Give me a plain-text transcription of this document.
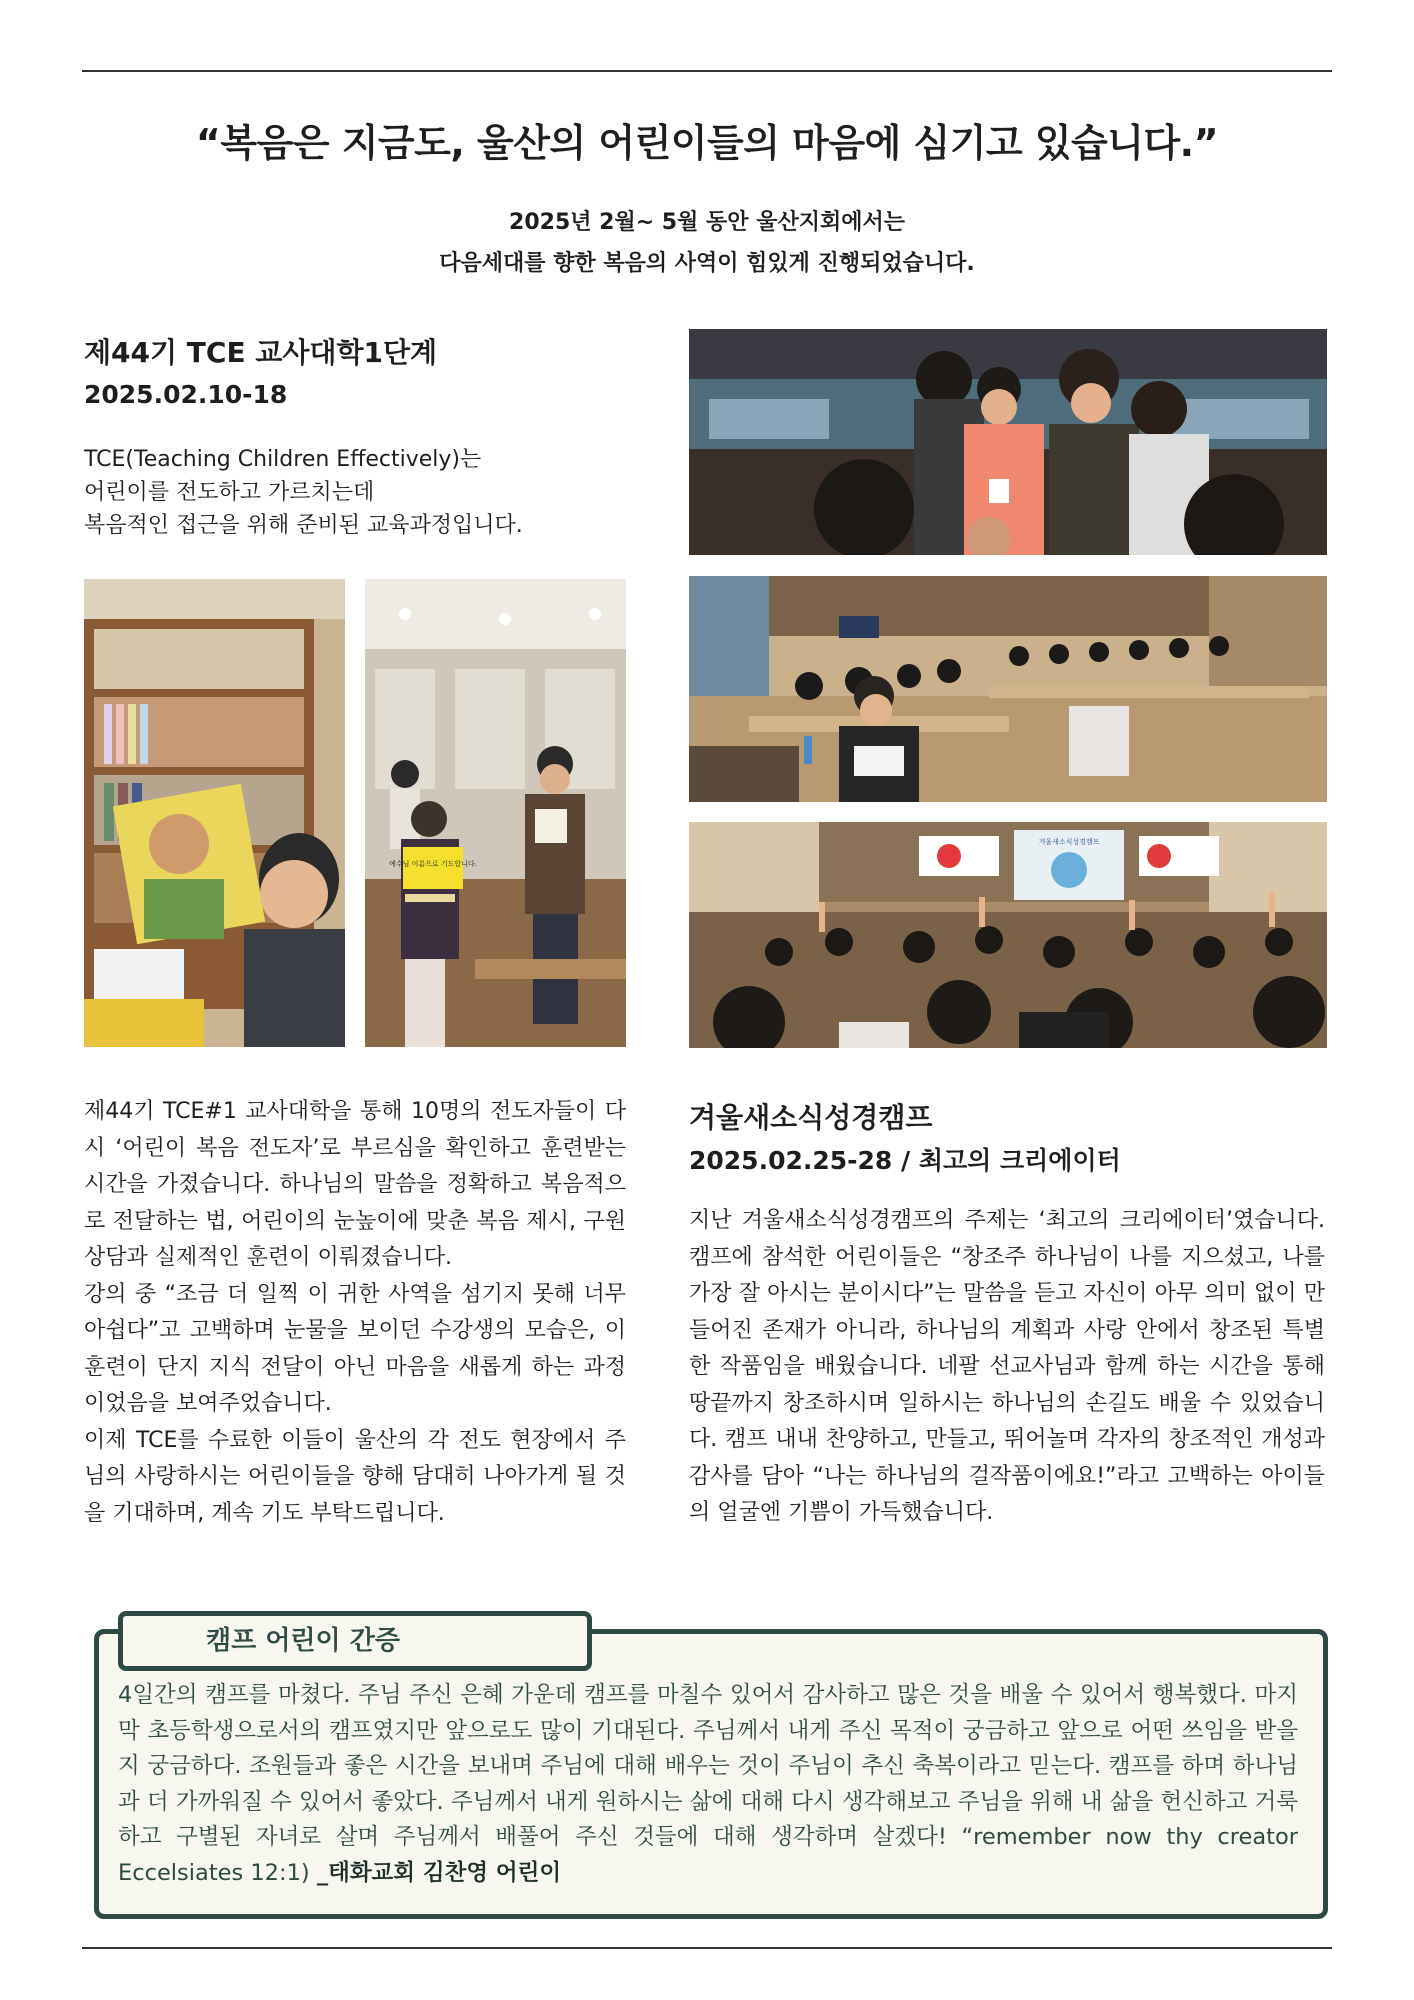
“복음은 지금도, 울산의 어린이들의 마음에 심기고 있습니다.”
2025년 2월~ 5월 동안 울산지회에서는
다음세대를 향한 복음의 사역이 힘있게 진행되었습니다.
제44기 TCE 교사대학1단계
2025.02.10-18
TCE(Teaching Children Effectively)는
어린이를 전도하고 가르치는데
복음적인 접근을 위해 준비된 교육과정입니다.
예수님 이름으로 기도합니다.
겨울새소식성경캠프

제44기 TCE#1 교사대학을 통해 10명의 전도자들이 다시 ‘어린이 복음 전도자’로 부르심을 확인하고 훈련받는 시간을 가졌습니다. 하나님의 말씀을 정확하고 복음적으로 전달하는 법, 어린이의 눈높이에 맞춘 복음 제시, 구원상담과 실제적인 훈련이 이뤄졌습니다.

강의 중 “조금 더 일찍 이 귀한 사역을 섬기지 못해 너무 아쉽다”고 고백하며 눈물을 보이던 수강생의 모습은, 이 훈련이 단지 지식 전달이 아닌 마음을 새롭게 하는 과정이었음을 보여주었습니다.

이제 TCE를 수료한 이들이 울산의 각 전도 현장에서 주님의 사랑하시는 어린이들을 향해 담대히 나아가게 될 것을 기대하며, 계속 기도 부탁드립니다.

겨울새소식성경캠프
2025.02.25-28 / 최고의 크리에이터
지난 겨울새소식성경캠프의 주제는 ‘최고의 크리에이터’였습니다. 캠프에 참석한 어린이들은 “창조주 하나님이 나를 지으셨고, 나를 가장 잘 아시는 분이시다”는 말씀을 듣고 자신이 아무 의미 없이 만들어진 존재가 아니라, 하나님의 계획과 사랑 안에서 창조된 특별한 작품임을 배웠습니다. 네팔 선교사님과 함께 하는 시간을 통해 땅끝까지 창조하시며 일하시는 하나님의 손길도 배울 수 있었습니다. 캠프 내내 찬양하고, 만들고, 뛰어놀며 각자의 창조적인 개성과 감사를 담아 “나는 하나님의 걸작품이에요!”라고 고백하는 아이들의 얼굴엔 기쁨이 가득했습니다.
캠프 어린이 간증
4일간의 캠프를 마쳤다. 주님 주신 은혜 가운데 캠프를 마칠수 있어서 감사하고 많은 것을 배울 수 있어서 행복했다. 마지막 초등학생으로서의 캠프였지만 앞으로도 많이 기대된다. 주님께서 내게 주신 목적이 궁금하고 앞으로 어떤 쓰임을 받을지 궁금하다. 조원들과 좋은 시간을 보내며 주님에 대해 배우는 것이 주님이 추신 축복이라고 믿는다. 캠프를 하며 하나님과 더 가까워질 수 있어서 좋았다. 주님께서 내게 원하시는 삶에 대해 다시 생각해보고 주님을 위해 내 삶을 헌신하고 거룩하고 구별된 자녀로 살며 주님께서 배풀어 주신 것들에 대해 생각하며 살겠다! “remember now thy creator Eccelsiates 12:1) _태화교회 김찬영 어린이
